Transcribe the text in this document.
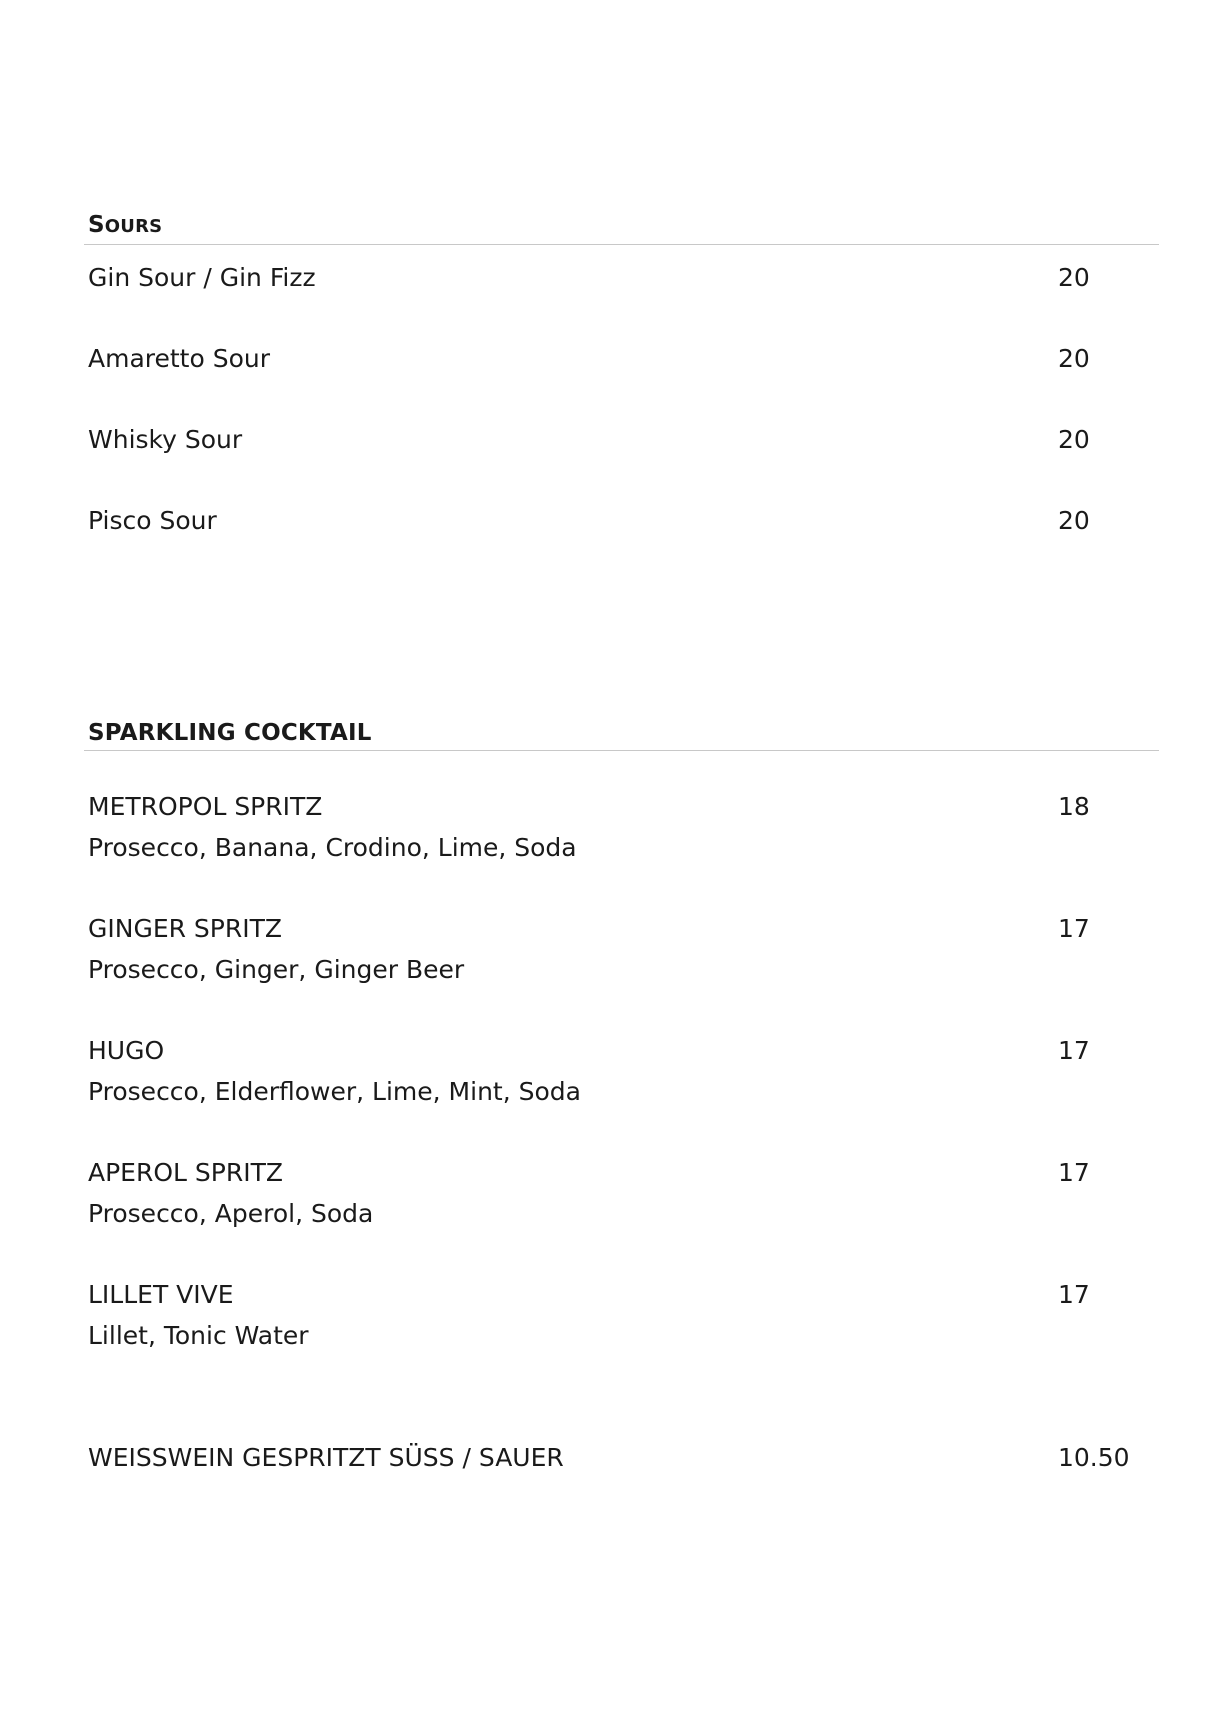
SOURS
Gin Sour / Gin Fizz	20
Amaretto Sour	20
Whisky Sour	20
Pisco Sour	20
SPARKLING COCKTAIL
METROPOL SPRITZ	18
Prosecco, Banana, Crodino, Lime, Soda
GINGER SPRITZ	17
Prosecco, Ginger, Ginger Beer
HUGO	17
Prosecco, Elderflower, Lime, Mint, Soda
APEROL SPRITZ	17
Prosecco, Aperol, Soda
LILLET VIVE	17
Lillet, Tonic Water
WEISSWEIN GESPRITZT SÜSS / SAUER	10.50
